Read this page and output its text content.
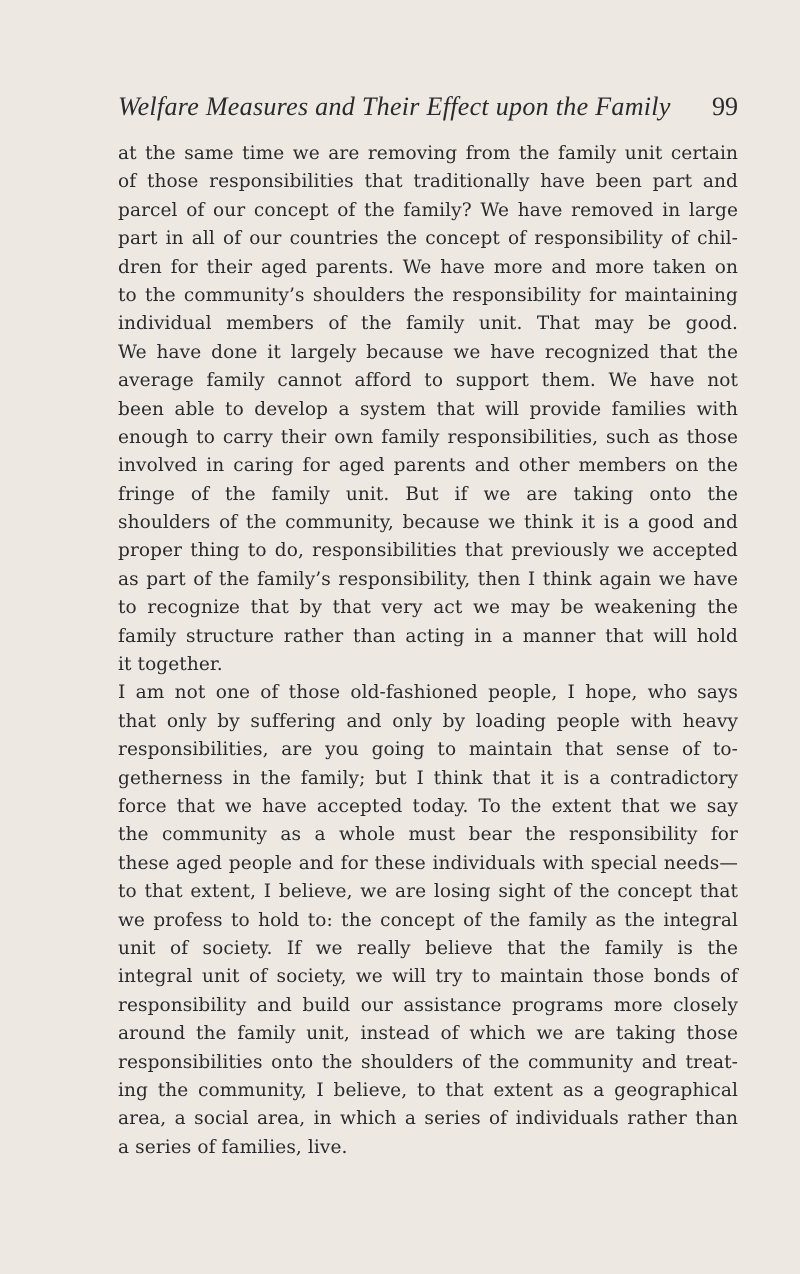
Welfare Measures and Their Effect upon the Family 99
at the same time we are removing from the family unit certain
of those responsibilities that traditionally have been part and
parcel of our concept of the family? We have removed in large
part in all of our countries the concept of responsibility of chil-
dren for their aged parents. We have more and more taken on
to the community’s shoulders the responsibility for maintaining
individual members of the family unit. That may be good.
We have done it largely because we have recognized that the
average family cannot afford to support them. We have not
been able to develop a system that will provide families with
enough to carry their own family responsibilities, such as those
involved in caring for aged parents and other members on the
fringe of the family unit. But if we are taking onto the
shoulders of the community, because we think it is a good and
proper thing to do, responsibilities that previously we accepted
as part of the family’s responsibility, then I think again we have
to recognize that by that very act we may be weakening the
family structure rather than acting in a manner that will hold
it together.
I am not one of those old-fashioned people, I hope, who says
that only by suffering and only by loading people with heavy
responsibilities, are you going to maintain that sense of to-
getherness in the family; but I think that it is a contradictory
force that we have accepted today. To the extent that we say
the community as a whole must bear the responsibility for
these aged people and for these individuals with special needs—
to that extent, I believe, we are losing sight of the concept that
we profess to hold to: the concept of the family as the integral
unit of society. If we really believe that the family is the
integral unit of society, we will try to maintain those bonds of
responsibility and build our assistance programs more closely
around the family unit, instead of which we are taking those
responsibilities onto the shoulders of the community and treat-
ing the community, I believe, to that extent as a geographical
area, a social area, in which a series of individuals rather than
a series of families, live.
